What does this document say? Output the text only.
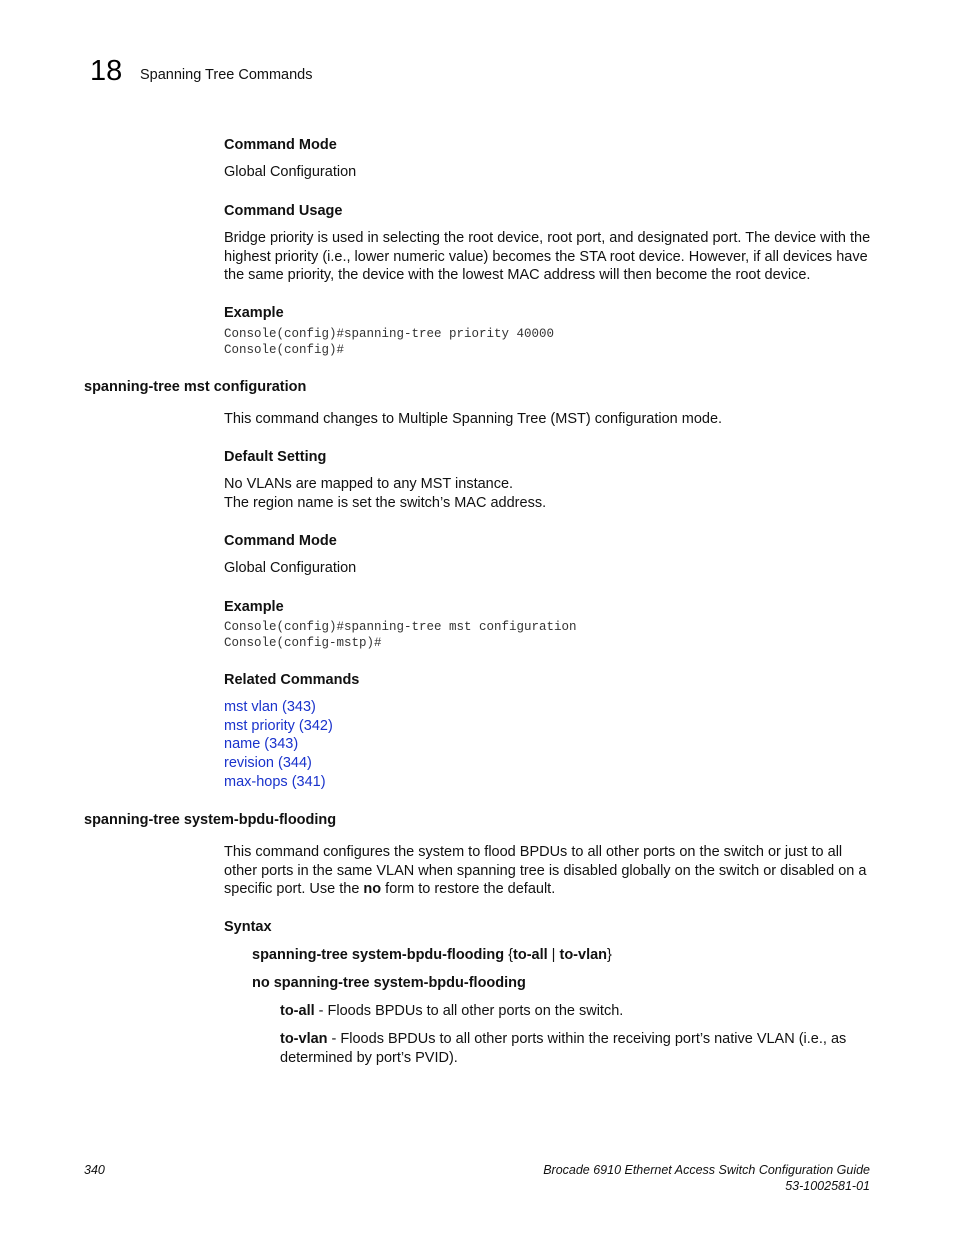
18 Spanning Tree Commands
Command Mode
Global Configuration
Command Usage
Bridge priority is used in selecting the root device, root port, and designated port. The device with the highest priority (i.e., lower numeric value) becomes the STA root device. However, if all devices have the same priority, the device with the lowest MAC address will then become the root device.
Example
Console(config)#spanning-tree priority 40000
Console(config)#
spanning-tree mst configuration
This command changes to Multiple Spanning Tree (MST) configuration mode.
Default Setting
No VLANs are mapped to any MST instance.
The region name is set the switch’s MAC address.
Command Mode
Global Configuration
Example
Console(config)#spanning-tree mst configuration
Console(config-mstp)#
Related Commands
mst vlan (343)
mst priority (342)
name (343)
revision (344)
max-hops (341)
spanning-tree system-bpdu-flooding
This command configures the system to flood BPDUs to all other ports on the switch or just to all other ports in the same VLAN when spanning tree is disabled globally on the switch or disabled on a specific port. Use the no form to restore the default.
Syntax
spanning-tree system-bpdu-flooding {to-all | to-vlan}
no spanning-tree system-bpdu-flooding
to-all - Floods BPDUs to all other ports on the switch.
to-vlan - Floods BPDUs to all other ports within the receiving port’s native VLAN (i.e., as determined by port’s PVID).
340	Brocade 6910 Ethernet Access Switch Configuration Guide
53-1002581-01
